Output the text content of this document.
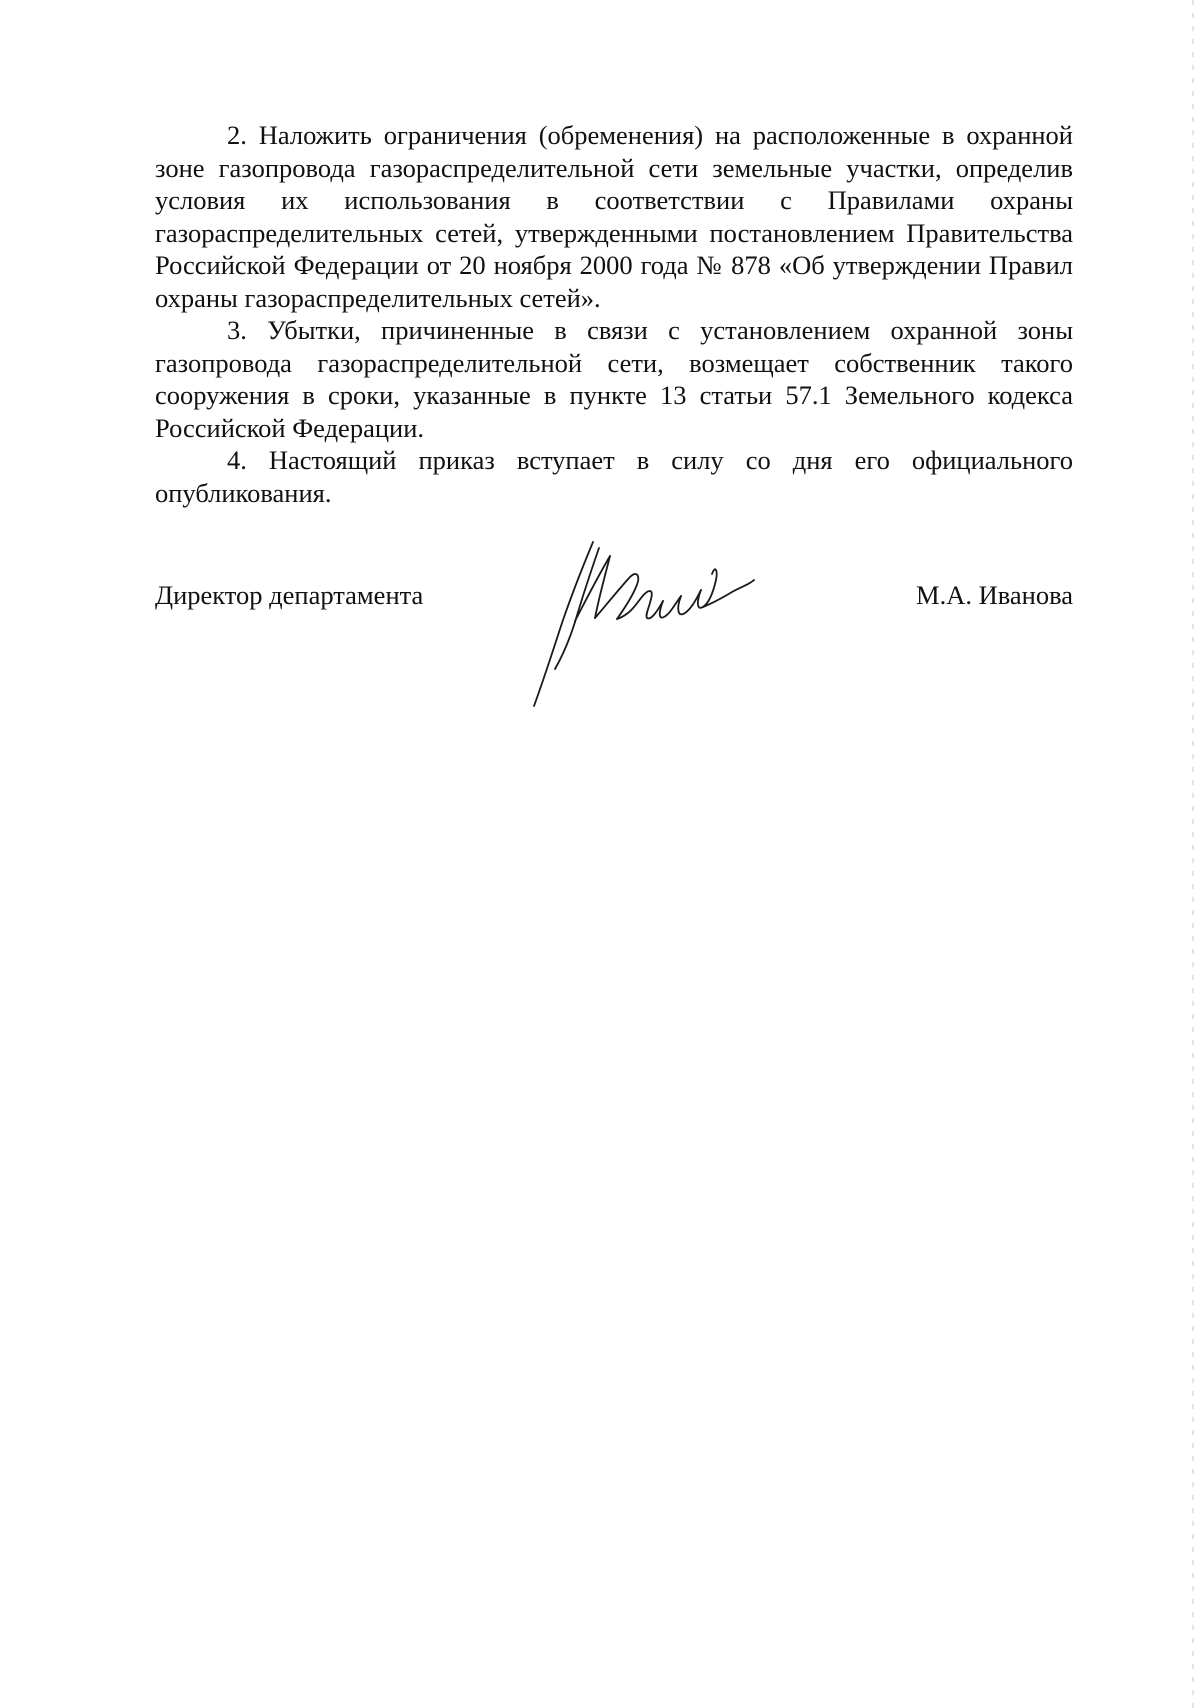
2. Наложить ограничения (обременения) на расположенные в охранной зоне газопровода газораспределительной сети земельные участки, определив условия их использования в соответствии с Правилами охраны газораспределительных сетей, утвержденными постановлением Правительства Российской Федерации от 20 ноября 2000 года № 878 «Об утверждении Правил охраны газораспределительных сетей».

3. Убытки, причиненные в связи с установлением охранной зоны газопровода газораспределительной сети, возмещает собственник такого сооружения в сроки, указанные в пункте 13 статьи 57.1 Земельного кодекса Российской Федерации.

4. Настоящий приказ вступает в силу со дня его официального опубликования.

Директор департамента	М.А. Иванова
